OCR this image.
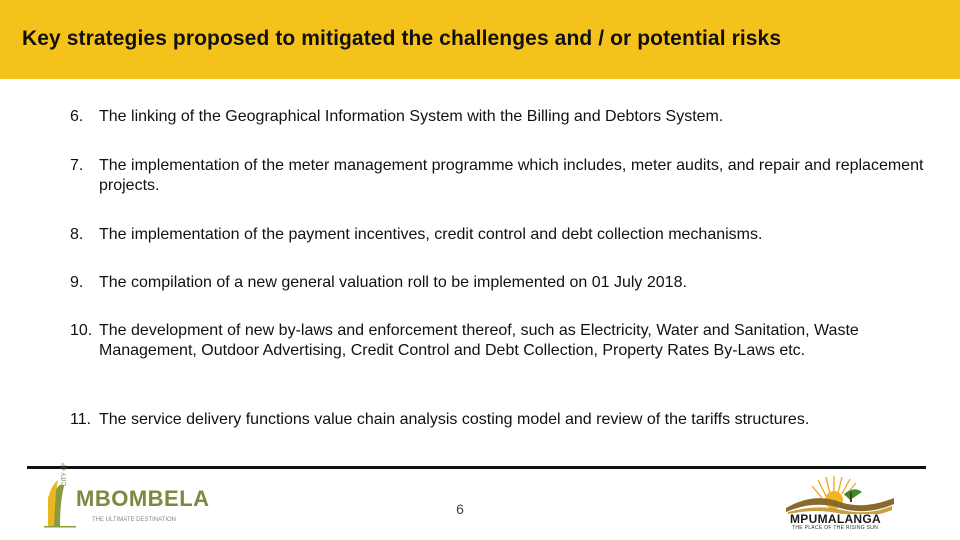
Key strategies proposed to mitigated the challenges and / or potential risks
6. The linking of the Geographical Information System with the Billing and Debtors System.
7. The implementation of the meter management programme which includes, meter audits, and repair and replacement projects.
8. The implementation of the payment incentives, credit control and debt collection mechanisms.
9. The compilation of a new general valuation roll to be implemented on 01 July 2018.
10. The development of new by-laws and enforcement thereof, such as Electricity, Water and Sanitation, Waste Management, Outdoor Advertising, Credit Control and Debt Collection, Property Rates By-Laws etc.
11. The service delivery functions value chain analysis costing model and review of the tariffs structures.
CITY OF
MBOMBELA
THE ULTIMATE DESTINATION
6
MPUMALANGA
THE PLACE OF THE RISING SUN
